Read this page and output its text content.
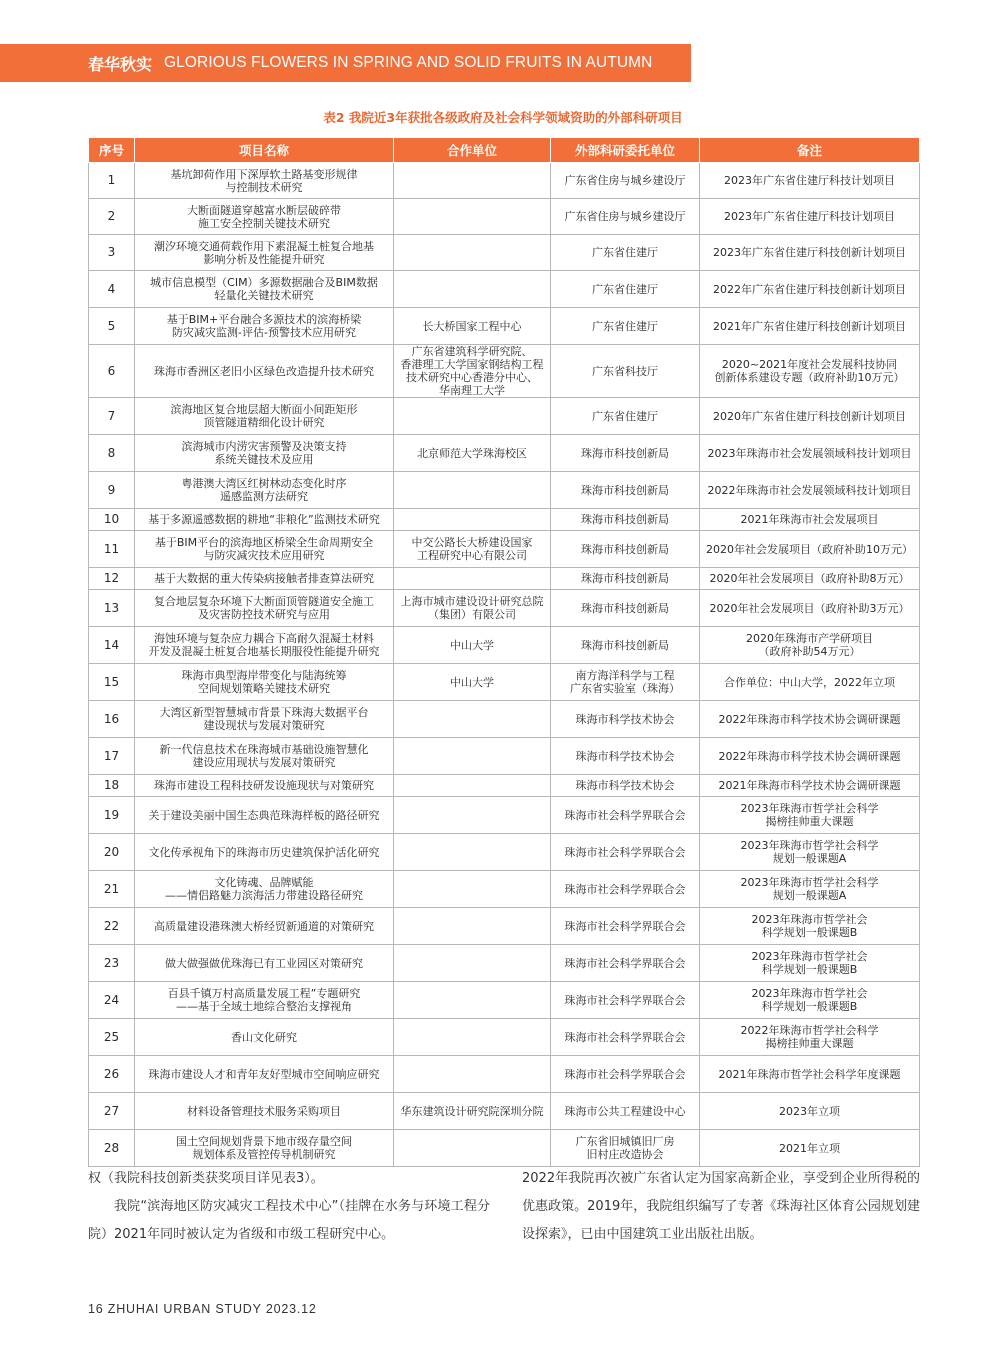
春华秋实 GLORIOUS FLOWERS IN SPRING AND SOLID FRUITS IN AUTUMN
表2 我院近3年获批各级政府及社会科学领域资助的外部科研项目
序号	项目名称	合作单位	外部科研委托单位	备注
1	基坑卸荷作用下深厚软土路基变形规律
与控制技术研究		广东省住房与城乡建设厅	2023年广东省住建厅科技计划项目
2	大断面隧道穿越富水断层破碎带
施工安全控制关键技术研究		广东省住房与城乡建设厅	2023年广东省住建厅科技计划项目
3	潮汐环境交通荷载作用下素混凝土桩复合地基
影响分析及性能提升研究		广东省住建厅	2023年广东省住建厅科技创新计划项目
4	城市信息模型（CIM）多源数据融合及BIM数据
轻量化关键技术研究		广东省住建厅	2022年广东省住建厅科技创新计划项目
5	基于BIM+平台融合多源技术的滨海桥梁
防灾减灾监测-评估-预警技术应用研究	长大桥国家工程中心	广东省住建厅	2021年广东省住建厅科技创新计划项目
6	珠海市香洲区老旧小区绿色改造提升技术研究	广东省建筑科学研究院、
香港理工大学国家钢结构工程
技术研究中心香港分中心、
华南理工大学	广东省科技厅	2020~2021年度社会发展科技协同
创新体系建设专题（政府补助10万元）
7	滨海地区复合地层超大断面小间距矩形
顶管隧道精细化设计研究		广东省住建厅	2020年广东省住建厅科技创新计划项目
8	滨海城市内涝灾害预警及决策支持
系统关键技术及应用	北京师范大学珠海校区	珠海市科技创新局	2023年珠海市社会发展领域科技计划项目
9	粤港澳大湾区红树林动态变化时序
遥感监测方法研究		珠海市科技创新局	2022年珠海市社会发展领域科技计划项目
10	基于多源遥感数据的耕地“非粮化”监测技术研究		珠海市科技创新局	2021年珠海市社会发展项目
11	基于BIM平台的滨海地区桥梁全生命周期安全
与防灾减灾技术应用研究	中交公路长大桥建设国家
工程研究中心有限公司	珠海市科技创新局	2020年社会发展项目（政府补助10万元）
12	基于大数据的重大传染病接触者排查算法研究		珠海市科技创新局	2020年社会发展项目（政府补助8万元）
13	复合地层复杂环境下大断面顶管隧道安全施工
及灾害防控技术研究与应用	上海市城市建设设计研究总院
（集团）有限公司	珠海市科技创新局	2020年社会发展项目（政府补助3万元）
14	海蚀环境与复杂应力耦合下高耐久混凝土材料
开发及混凝土桩复合地基长期服役性能提升研究	中山大学	珠海市科技创新局	2020年珠海市产学研项目
（政府补助54万元）
15	珠海市典型海岸带变化与陆海统筹
空间规划策略关键技术研究	中山大学	南方海洋科学与工程
广东省实验室（珠海）	合作单位：中山大学，2022年立项
16	大湾区新型智慧城市背景下珠海大数据平台
建设现状与发展对策研究		珠海市科学技术协会	2022年珠海市科学技术协会调研课题
17	新一代信息技术在珠海城市基础设施智慧化
建设应用现状与发展对策研究		珠海市科学技术协会	2022年珠海市科学技术协会调研课题
18	珠海市建设工程科技研发设施现状与对策研究		珠海市科学技术协会	2021年珠海市科学技术协会调研课题
19	关于建设美丽中国生态典范珠海样板的路径研究		珠海市社会科学界联合会	2023年珠海市哲学社会科学
揭榜挂帅重大课题
20	文化传承视角下的珠海市历史建筑保护活化研究		珠海市社会科学界联合会	2023年珠海市哲学社会科学
规划一般课题A
21	文化铸魂、品牌赋能
——情侣路魅力滨海活力带建设路径研究		珠海市社会科学界联合会	2023年珠海市哲学社会科学
规划一般课题A
22	高质量建设港珠澳大桥经贸新通道的对策研究		珠海市社会科学界联合会	2023年珠海市哲学社会
科学规划一般课题B
23	做大做强做优珠海已有工业园区对策研究		珠海市社会科学界联合会	2023年珠海市哲学社会
科学规划一般课题B
24	百县千镇万村高质量发展工程”专题研究
——基于全域土地综合整治支撑视角		珠海市社会科学界联合会	2023年珠海市哲学社会
科学规划一般课题B
25	香山文化研究		珠海市社会科学界联合会	2022年珠海市哲学社会科学
揭榜挂帅重大课题
26	珠海市建设人才和青年友好型城市空间响应研究		珠海市社会科学界联合会	2021年珠海市哲学社会科学年度课题
27	材料设备管理技术服务采购项目	华东建筑设计研究院深圳分院	珠海市公共工程建设中心	2023年立项
28	国土空间规划背景下地市级存量空间
规划体系及管控传导机制研究		广东省旧城镇旧厂房
旧村庄改造协会	2021年立项
权（我院科技创新类获奖项目详见表3）。
我院“滨海地区防灾减灾工程技术中心”（挂牌在水务与环境工程分院）2021年同时被认定为省级和市级工程研究中心。
2022年我院再次被广东省认定为国家高新企业，享受到企业所得税的优惠政策。2019年，我院组织编写了专著《珠海社区体育公园规划建设探索》，已由中国建筑工业出版社出版。
16 ZHUHAI URBAN STUDY 2023.12
